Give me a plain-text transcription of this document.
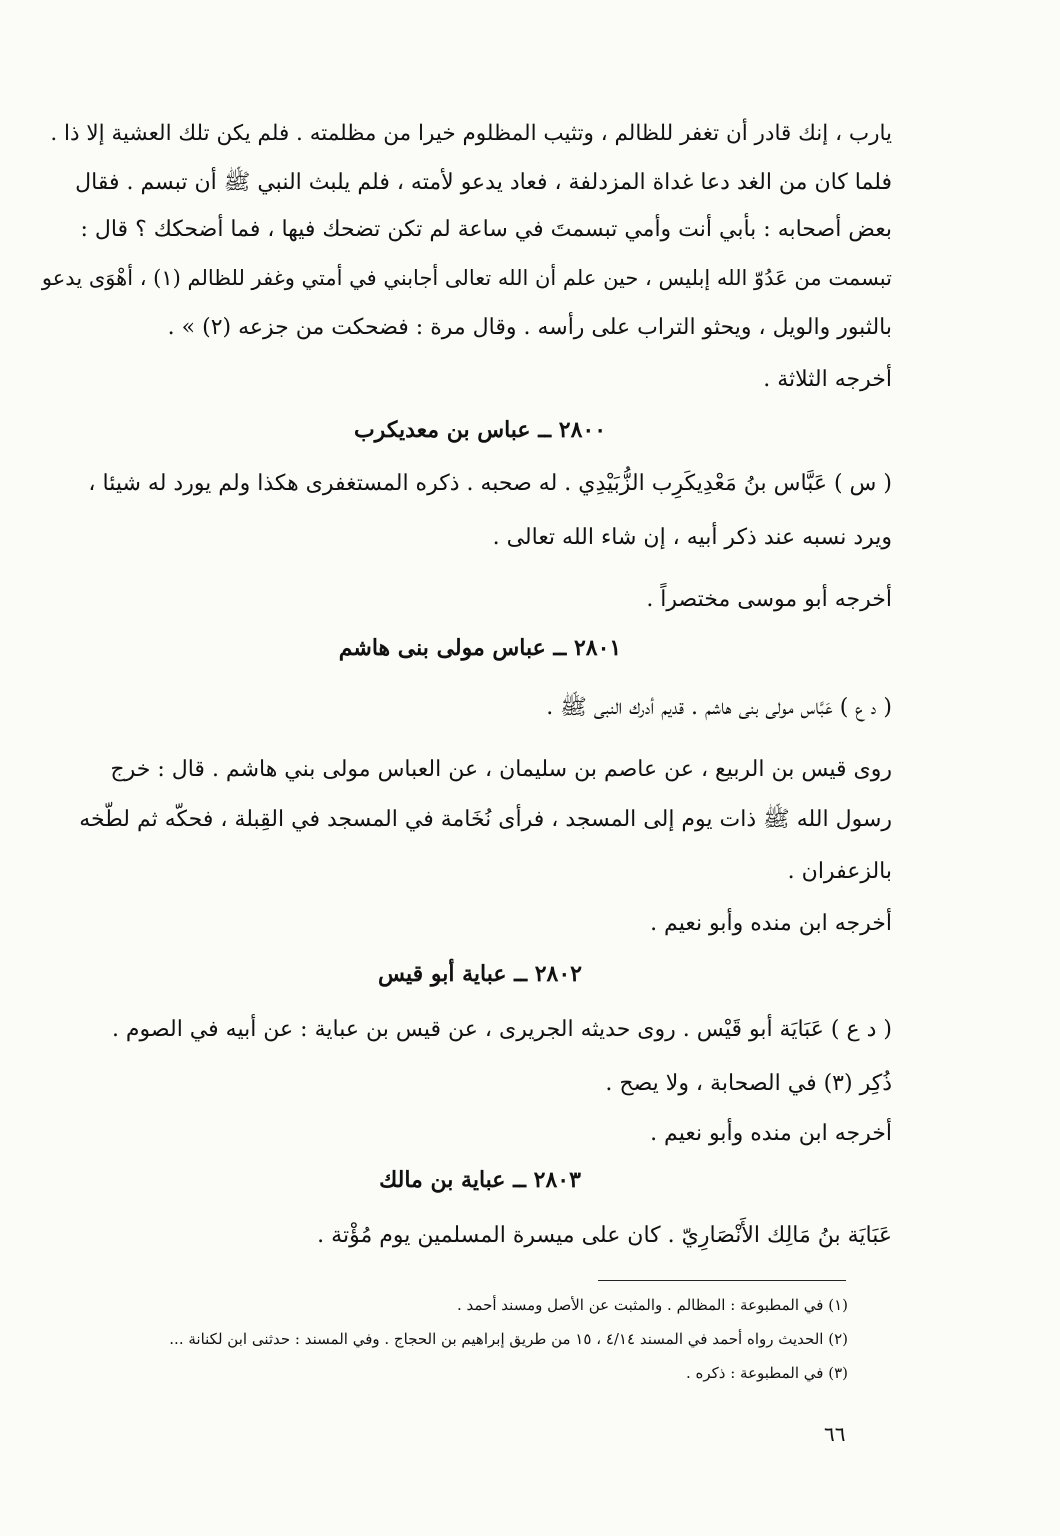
يارب ، إنك قادر أن تغفر للظالم ، وتثيب المظلوم خيرا من مظلمته . فلم يكن تلك العشية إلا ذا .
فلما كان من الغد دعا غداة المزدلفة ، فعاد يدعو لأمته ، فلم يلبث النبي ﷺ أن تبسم . فقال
بعض أصحابه : بأبي أنت وأمي تبسمتَ في ساعة لم تكن تضحك فيها ، فما أضحكك ؟ قال :
تبسمت من عَدُوّ الله إبليس ، حين علم أن الله تعالى أجابني في أمتي وغفر للظالم (١) ، أهْوَى يدعو
بالثبور والويل ، ويحثو التراب على رأسه . وقال مرة : فضحكت من جزعه (٢) » .
أخرجه الثلاثة .
٢٨٠٠ ــ عباس بن معديكرب
( س ) عَبَّاس بنُ مَعْدِيكَرِب الزُّبَيْدِي . له صحبه . ذكره المستغفرى هكذا ولم يورد له شيئا ،
ويرد نسبه عند ذكر أبيه ، إن شاء الله تعالى .
أخرجه أبو موسى مختصراً .
٢٨٠١ ــ عباس مولى بنى هاشم
( د ع ) عَبَّاس مولى بنى هاشم . قديم أدرك النبى ﷺ .
روى قيس بن الربيع ، عن عاصم بن سليمان ، عن العباس مولى بني هاشم . قال : خرج
رسول الله ﷺ ذات يوم إلى المسجد ، فرأى نُخَامة في المسجد في القِبلة ، فحكّه ثم لطّخه
بالزعفران .
أخرجه ابن منده وأبو نعيم .
٢٨٠٢ ــ عباية أبو قيس
( د ع ) عَبَايَة أبو قَيْس . روى حديثه الجريرى ، عن قيس بن عباية : عن أبيه في الصوم .
ذُكِر (٣) في الصحابة ، ولا يصح .
أخرجه ابن منده وأبو نعيم .
٢٨٠٣ ــ عباية بن مالك
عَبَايَة بنُ مَالِك الأَنْصَارِيّ . كان على ميسرة المسلمين يوم مُؤْتة .
(١) في المطبوعة : المظالم . والمثبت عن الأصل ومسند أحمد .
(٢) الحديث رواه أحمد في المسند ٤/١٤ ، ١٥ من طريق إبراهيم بن الحجاج . وفي المسند : حدثنى ابن لكنانة ...
(٣) في المطبوعة : ذكره .
٦٦
